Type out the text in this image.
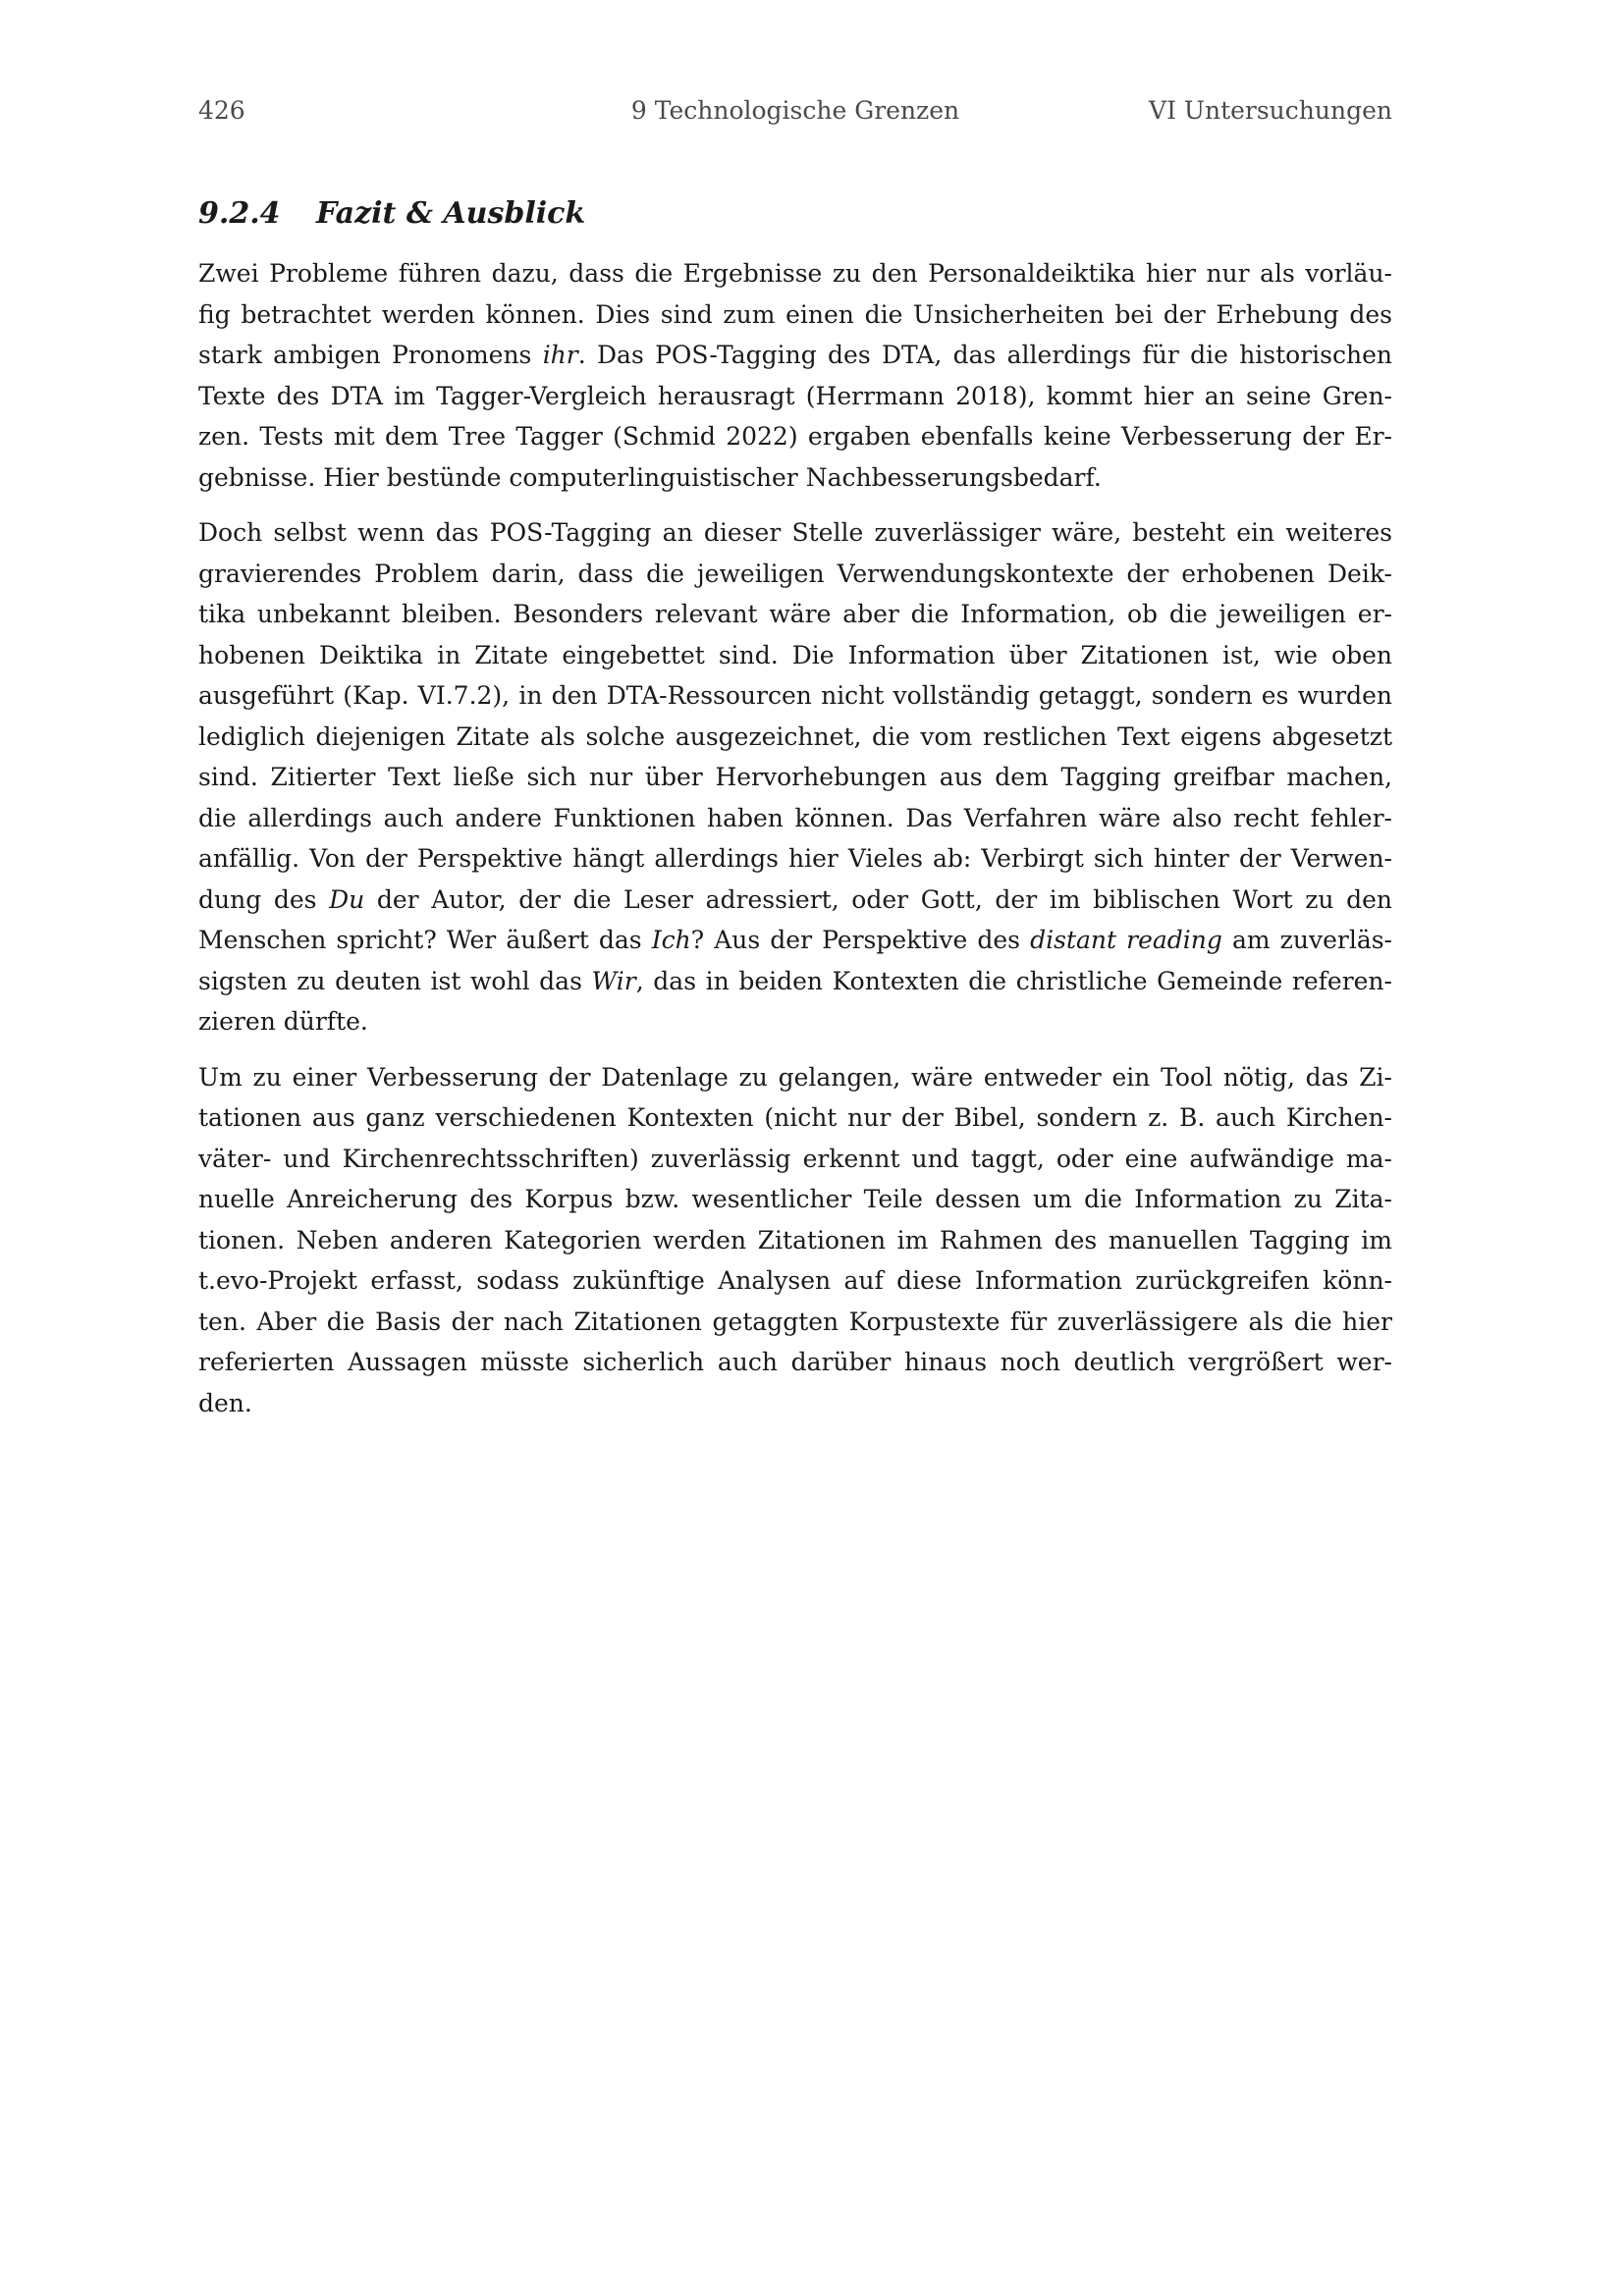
426	9 Technologische Grenzen	VI Untersuchungen
9.2.4 Fazit & Ausblick

Zwei Probleme führen dazu, dass die Ergebnisse zu den Personaldeiktika hier nur als vorläu-
fig betrachtet werden können. Dies sind zum einen die Unsicherheiten bei der Erhebung des
stark ambigen Pronomens ihr. Das POS-Tagging des DTA, das allerdings für die historischen
Texte des DTA im Tagger-Vergleich herausragt (Herrmann 2018), kommt hier an seine Gren-
zen. Tests mit dem Tree Tagger (Schmid 2022) ergaben ebenfalls keine Verbesserung der Er-
gebnisse. Hier bestünde computerlinguistischer Nachbesserungsbedarf.

Doch selbst wenn das POS-Tagging an dieser Stelle zuverlässiger wäre, besteht ein weiteres
gravierendes Problem darin, dass die jeweiligen Verwendungskontexte der erhobenen Deik-
tika unbekannt bleiben. Besonders relevant wäre aber die Information, ob die jeweiligen er-
hobenen Deiktika in Zitate eingebettet sind. Die Information über Zitationen ist, wie oben
ausgeführt (Kap. VI.7.2), in den DTA-Ressourcen nicht vollständig getaggt, sondern es wurden
lediglich diejenigen Zitate als solche ausgezeichnet, die vom restlichen Text eigens abgesetzt
sind. Zitierter Text ließe sich nur über Hervorhebungen aus dem Tagging greifbar machen,
die allerdings auch andere Funktionen haben können. Das Verfahren wäre also recht fehler-
anfällig. Von der Perspektive hängt allerdings hier Vieles ab: Verbirgt sich hinter der Verwen-
dung des Du der Autor, der die Leser adressiert, oder Gott, der im biblischen Wort zu den
Menschen spricht? Wer äußert das Ich? Aus der Perspektive des distant reading am zuverläs-
sigsten zu deuten ist wohl das Wir, das in beiden Kontexten die christliche Gemeinde referen-
zieren dürfte.

Um zu einer Verbesserung der Datenlage zu gelangen, wäre entweder ein Tool nötig, das Zi-
tationen aus ganz verschiedenen Kontexten (nicht nur der Bibel, sondern z. B. auch Kirchen-
väter- und Kirchenrechtsschriften) zuverlässig erkennt und taggt, oder eine aufwändige ma-
nuelle Anreicherung des Korpus bzw. wesentlicher Teile dessen um die Information zu Zita-
tionen. Neben anderen Kategorien werden Zitationen im Rahmen des manuellen Tagging im
t.evo-Projekt erfasst, sodass zukünftige Analysen auf diese Information zurückgreifen könn-
ten. Aber die Basis der nach Zitationen getaggten Korpustexte für zuverlässigere als die hier
referierten Aussagen müsste sicherlich auch darüber hinaus noch deutlich vergrößert wer-
den.
